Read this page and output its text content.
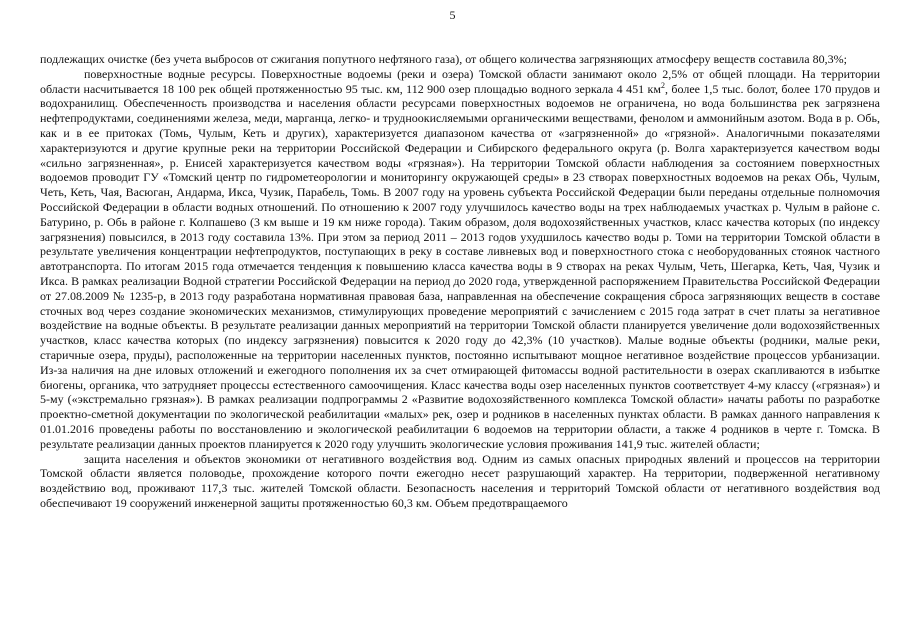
5

подлежащих очистке (без учета выбросов от сжигания попутного нефтяного газа), от общего количества загрязняющих атмосферу веществ составила 80,3%;

поверхностные водные ресурсы. Поверхностные водоемы (реки и озера) Томской области занимают около 2,5% от общей площади. На территории области насчитывается 18 100 рек общей протяженностью 95 тыс. км, 112 900 озер площадью водного зеркала 4 451 $км^2$, более 1,5 тыс. болот, более 170 прудов и водохранилищ. Обеспеченность производства и населения области ресурсами поверхностных водоемов не ограничена, но вода большинства рек загрязнена нефтепродуктами, соединениями железа, меди, марганца, легко- и трудноокисляемыми органическими веществами, фенолом и аммонийным азотом. Вода в р. Обь, как и в ее притоках (Томь, Чулым, Кеть и других), характеризуется диапазоном качества от «загрязненной» до «грязной». Аналогичными показателями характеризуются и другие крупные реки на территории Российской Федерации и Сибирского федерального округа (р. Волга характеризуется качеством воды «сильно загрязненная», р. Енисей характеризуется качеством воды «грязная»). На территории Томской области наблюдения за состоянием поверхностных водоемов проводит ГУ «Томский центр по гидрометеорологии и мониторингу окружающей среды» в 23 створах поверхностных водоемов на реках Обь, Чулым, Четь, Кеть, Чая, Васюган, Андарма, Икса, Чузик, Парабель, Томь. В 2007 году на уровень субъекта Российской Федерации были переданы отдельные полномочия Российской Федерации в области водных отношений. По отношению к 2007 году улучшилось качество воды на трех наблюдаемых участках р. Чулым в районе с. Батурино, р. Обь в районе г. Колпашево (3 км выше и 19 км ниже города). Таким образом, доля водохозяйственных участков, класс качества которых (по индексу загрязнения) повысился, в 2013 году составила 13%. При этом за период 2011 – 2013 годов ухудшилось качество воды р. Томи на территории Томской области в результате увеличения концентрации нефтепродуктов, поступающих в реку в составе ливневых вод и поверхностного стока с необорудованных стоянок частного автотранспорта. По итогам 2015 года отмечается тенденция к повышению класса качества воды в 9 створах на реках Чулым, Четь, Шегарка, Кеть, Чая, Чузик и Икса. В рамках реализации Водной стратегии Российской Федерации на период до 2020 года, утвержденной распоряжением Правительства Российской Федерации от 27.08.2009 № 1235-р, в 2013 году разработана нормативная правовая база, направленная на обеспечение сокращения сброса загрязняющих веществ в составе сточных вод через создание экономических механизмов, стимулирующих проведение мероприятий с зачислением с 2015 года затрат в счет платы за негативное воздействие на водные объекты. В результате реализации данных мероприятий на территории Томской области планируется увеличение доли водохозяйственных участков, класс качества которых (по индексу загрязнения) повысится к 2020 году до 42,3% (10 участков). Малые водные объекты (родники, малые реки, старичные озера, пруды), расположенные на территории населенных пунктов, постоянно испытывают мощное негативное воздействие процессов урбанизации. Из-за наличия на дне иловых отложений и ежегодного пополнения их за счет отмирающей фитомассы водной растительности в озерах скапливаются в избытке биогены, органика, что затрудняет процессы естественного самоочищения. Класс качества воды озер населенных пунктов соответствует 4-му классу («грязная») и 5-му («экстремально грязная»). В рамках реализации подпрограммы 2 «Развитие водохозяйственного комплекса Томской области» начаты работы по разработке проектно-сметной документации по экологической реабилитации «малых» рек, озер и родников в населенных пунктах области. В рамках данного направления к 01.01.2016 проведены работы по восстановлению и экологической реабилитации 6 водоемов на территории области, а также 4 родников в черте г. Томска. В результате реализации данных проектов планируется к 2020 году улучшить экологические условия проживания 141,9 тыс. жителей области;

защита населения и объектов экономики от негативного воздействия вод. Одним из самых опасных природных явлений и процессов на территории Томской области является половодье, прохождение которого почти ежегодно несет разрушающий характер. На территории, подверженной негативному воздействию вод, проживают 117,3 тыс. жителей Томской области. Безопасность населения и территорий Томской области от негативного воздействия вод обеспечивают 19 сооружений инженерной защиты протяженностью 60,3 км. Объем предотвращаемого
